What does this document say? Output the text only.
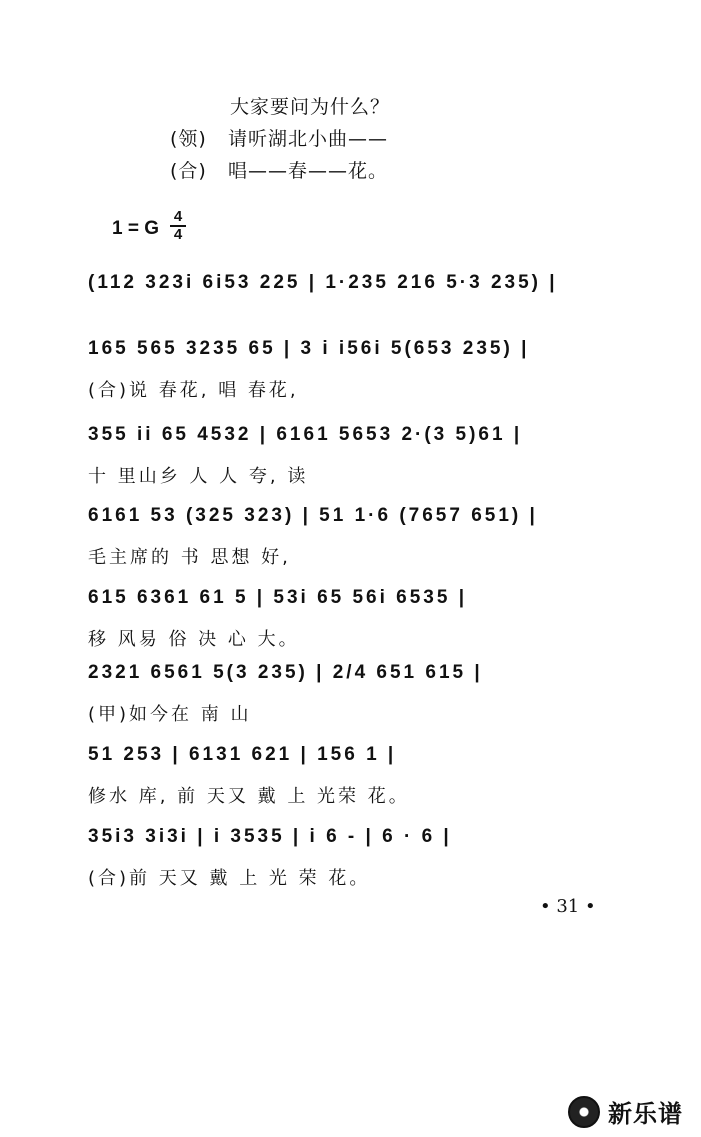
大家要问为什么？
(领) 请听湖北小曲——
(合) 唱——春——花。
1 = G
4
4
(112 323i 6i53 225 | 1·235 216 5·3 235) |
165 565 3235 65 | 3 i i56i 5(653 235) |
(合)说 春花, 唱 春花,
355 ii 65 4532 | 6161 5653 2·(3 5)61 |
十 里山乡 人 人 夸, 读
6161 53 (325 323) | 51 1·6 (7657 651) |
毛主席的 书 思想 好,
615 6361 61 5 | 53i 65 56i 6535 |
移 风易 俗 决 心 大。
2321 6561 5(3 235) | 2/4 651 615 |
(甲)如今在 南 山
51 253 | 6131 621 | 156 1 |
修水 库, 前 天又 戴 上 光荣 花。
35i3 3i3i | i 3535 | i 6 - | 6 · 6 |
(合)前 天又 戴 上 光 荣 花。
• 31 •
新乐谱
